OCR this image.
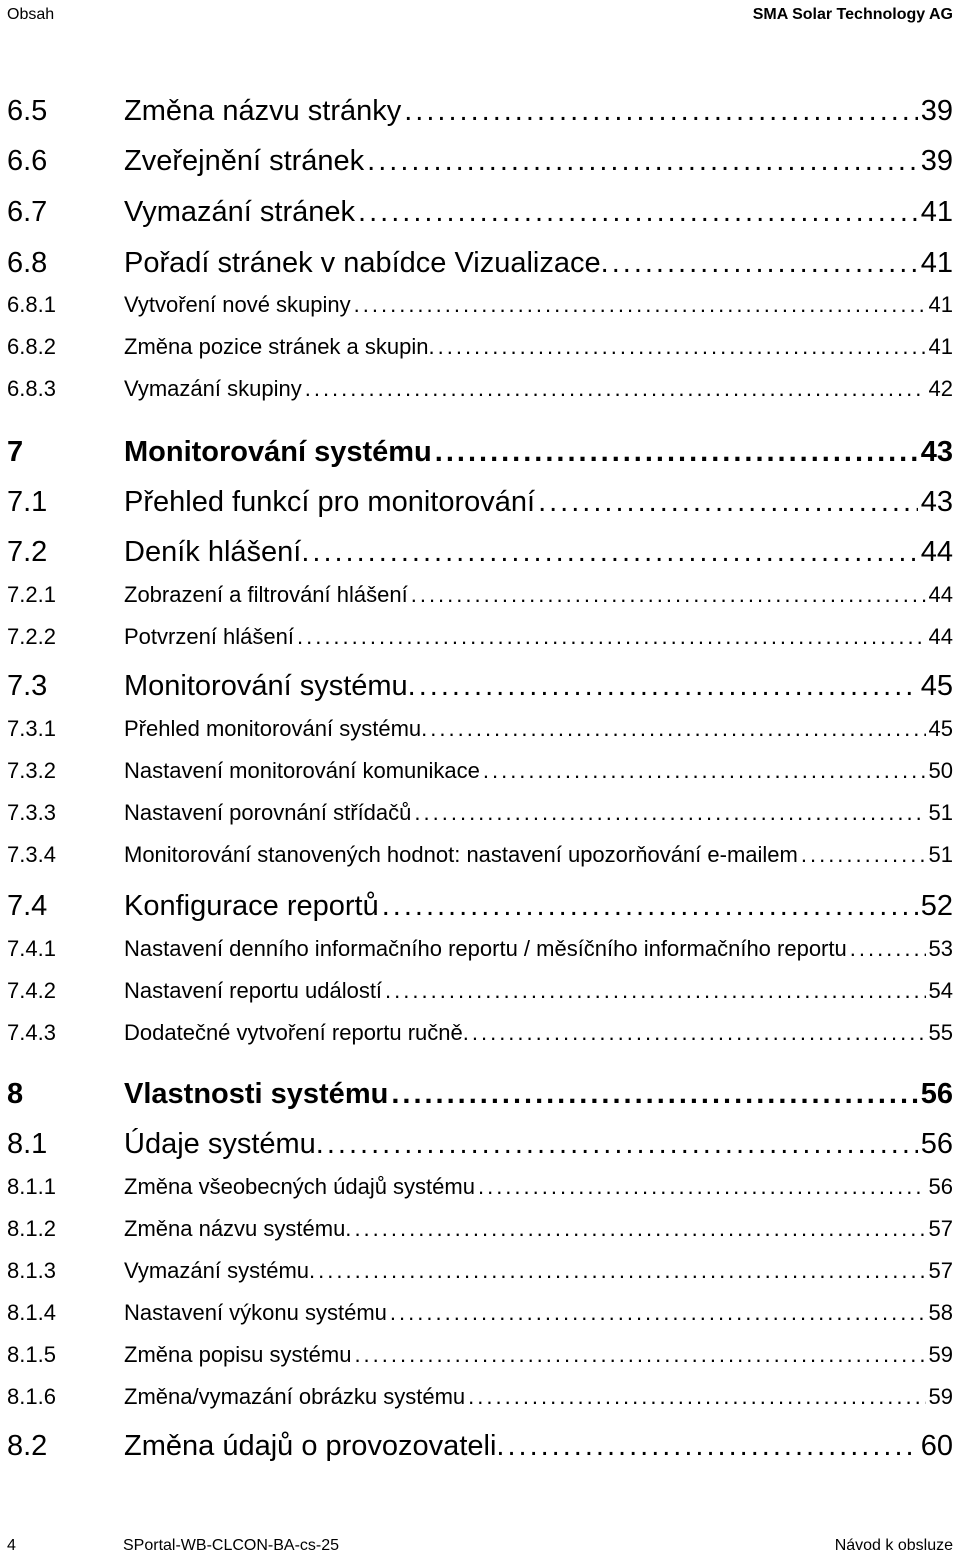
Obsah	SMA Solar Technology AG
6.5	Změna názvu stránky .....	39
6.6	Zveřejnění stránek .....	39
6.7	Vymazání stránek .....	41
6.8	Pořadí stránek v nabídce Vizualizace. .....	41
6.8.1	Vytvoření nové skupiny .....	41
6.8.2	Změna pozice stránek a skupin. .....	41
6.8.3	Vymazání skupiny .....	42
7	Monitorování systému .....	43
7.1	Přehled funkcí pro monitorování .....	43
7.2	Deník hlášení. .....	44
7.2.1	Zobrazení a filtrování hlášení .....	44
7.2.2	Potvrzení hlášení .....	44
7.3	Monitorování systému. .....	45
7.3.1	Přehled monitorování systému. .....	45
7.3.2	Nastavení monitorování komunikace .....	50
7.3.3	Nastavení porovnání střídačů .....	51
7.3.4	Monitorování stanovených hodnot: nastavení upozorňování e-mailem .....	51
7.4	Konfigurace reportů .....	52
7.4.1	Nastavení denního informačního reportu / měsíčního informačního reportu .....	53
7.4.2	Nastavení reportu událostí .....	54
7.4.3	Dodatečné vytvoření reportu ručně. .....	55
8	Vlastnosti systému .....	56
8.1	Údaje systému. .....	56
8.1.1	Změna všeobecných údajů systému .....	56
8.1.2	Změna názvu systému. .....	57
8.1.3	Vymazání systému. .....	57
8.1.4	Nastavení výkonu systému .....	58
8.1.5	Změna popisu systému .....	59
8.1.6	Změna/vymazání obrázku systému .....	59
8.2	Změna údajů o provozovateli. .....	60
4	SPortal-WB-CLCON-BA-cs-25	Návod k obsluze
